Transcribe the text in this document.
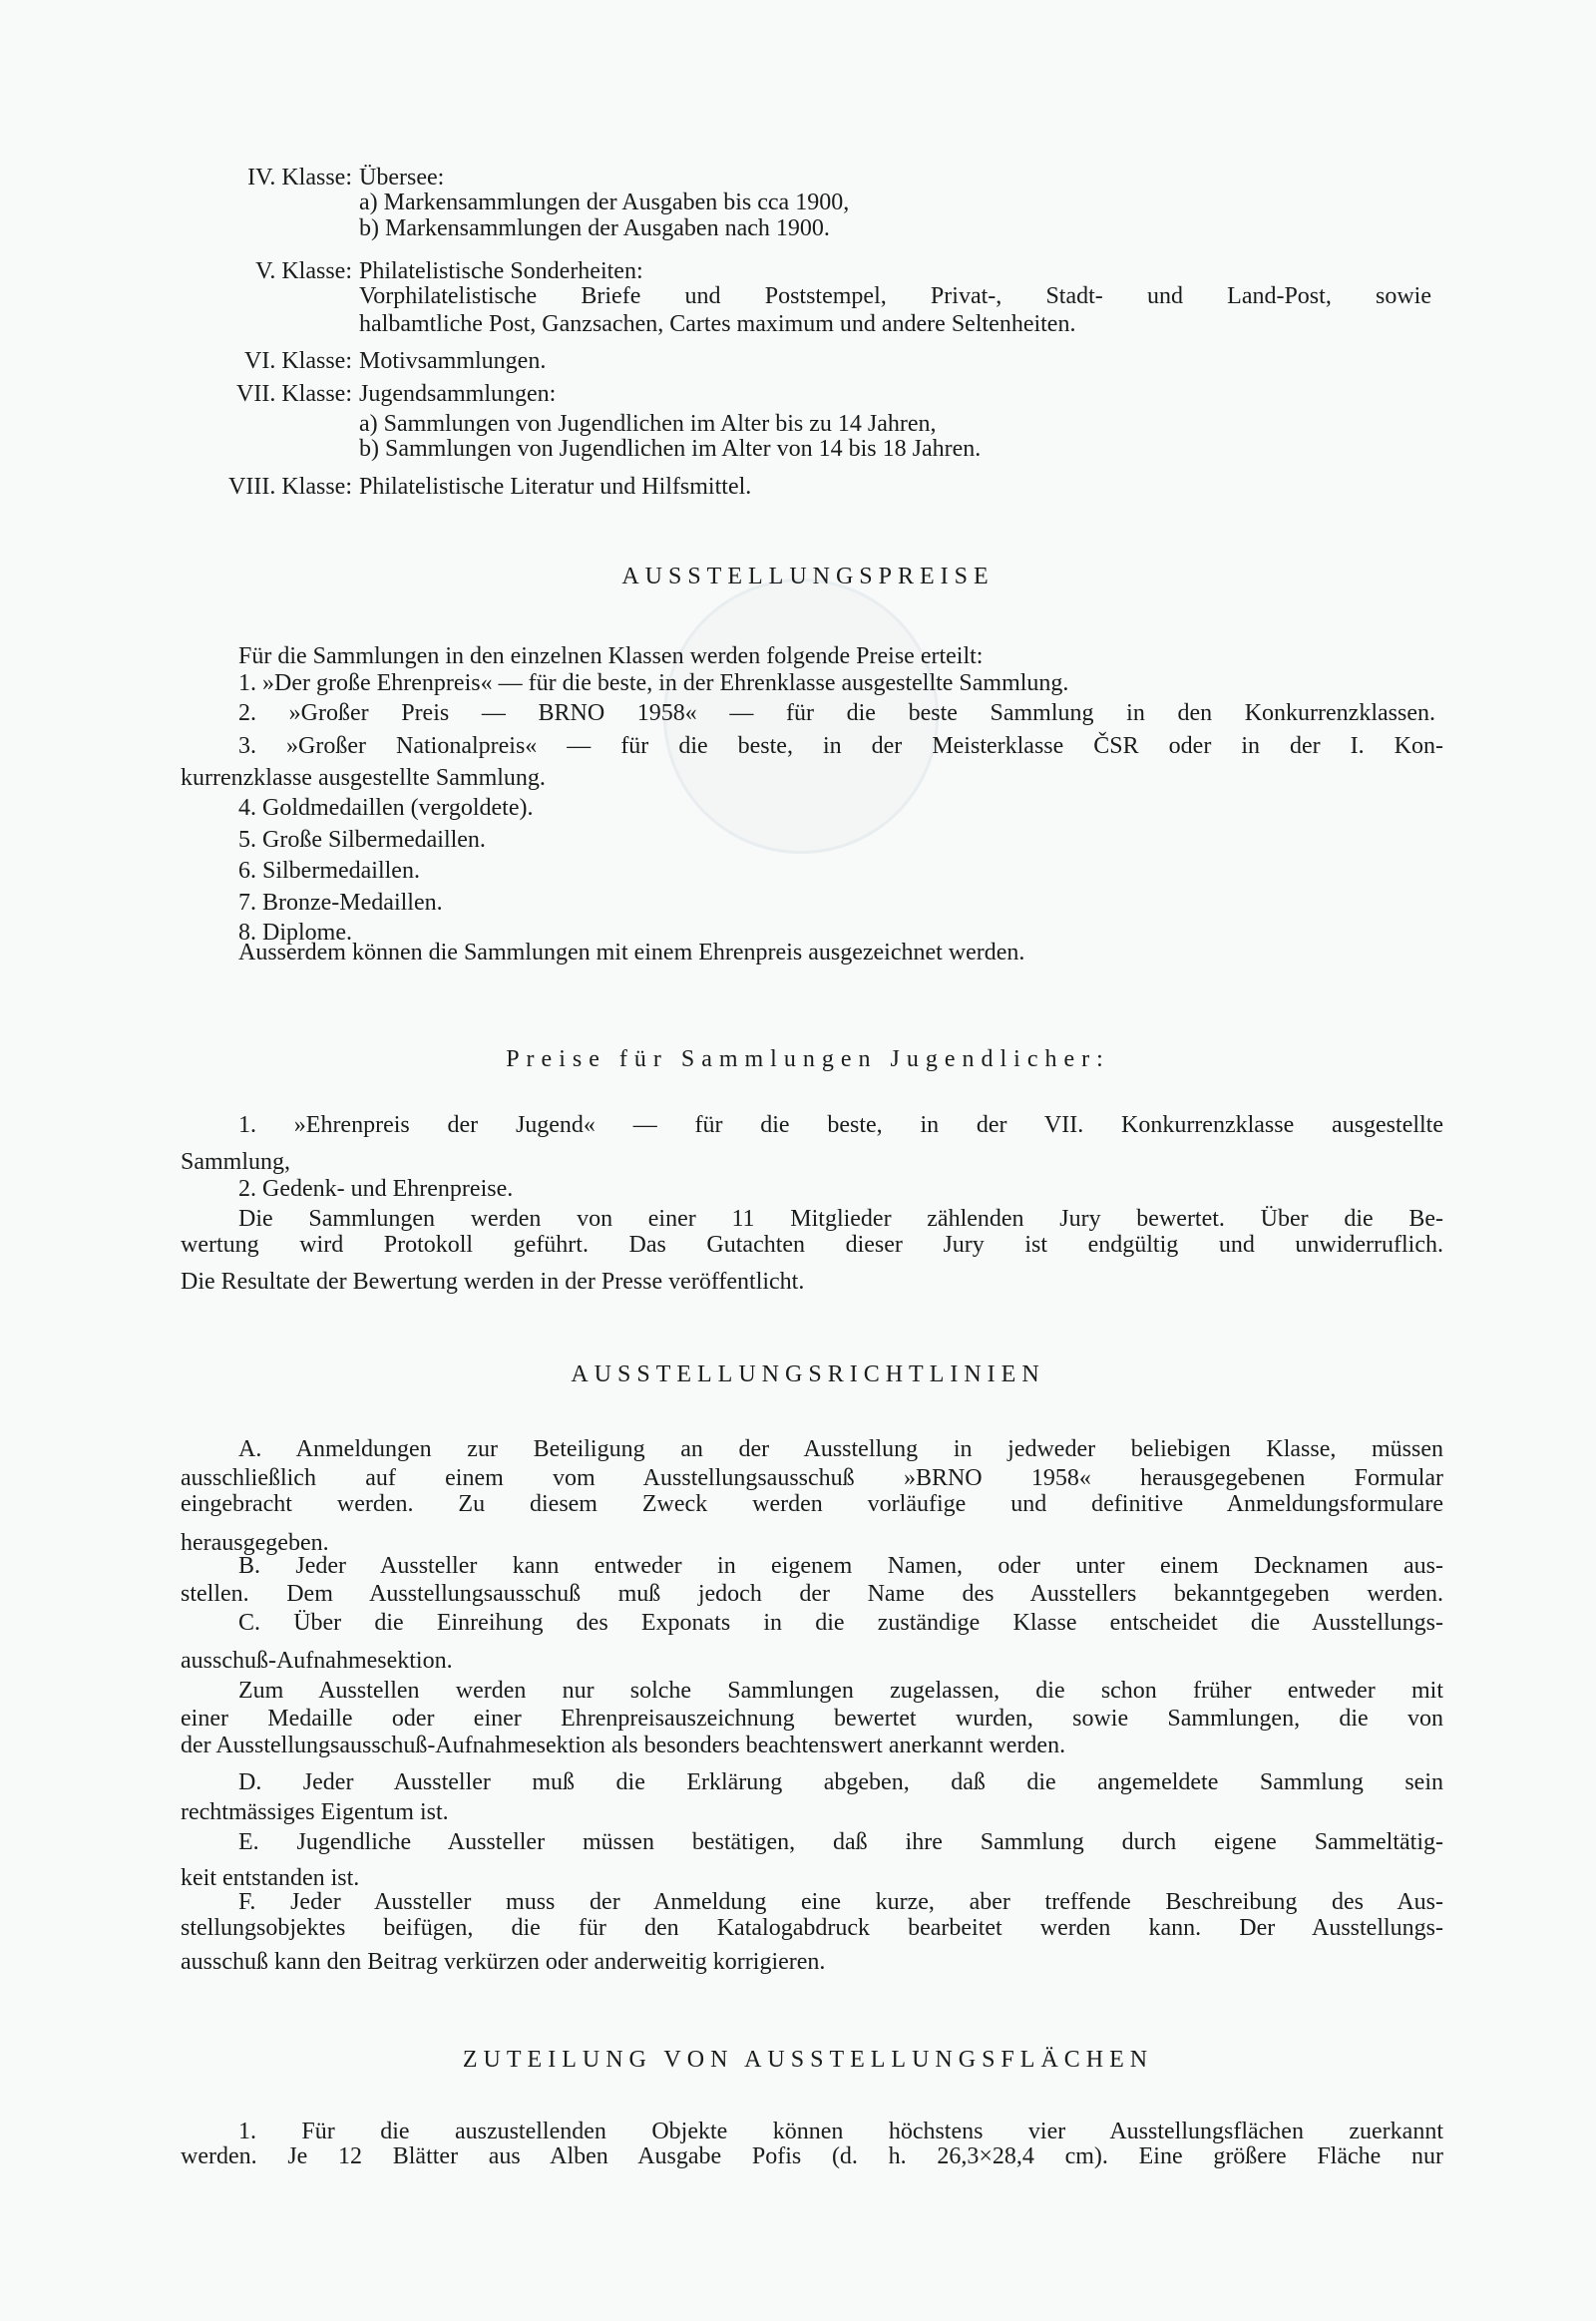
IV. Klasse: Übersee:
a) Markensammlungen der Ausgaben bis cca 1900,
b) Markensammlungen der Ausgaben nach 1900.
V. Klasse: Philatelistische Sonderheiten:
Vorphilatelistische Briefe und Poststempel, Privat-, Stadt- und Land-Post, sowie
halbamtliche Post, Ganzsachen, Cartes maximum und andere Seltenheiten.
VI. Klasse: Motivsammlungen.
VII. Klasse: Jugendsammlungen:
a) Sammlungen von Jugendlichen im Alter bis zu 14 Jahren,
b) Sammlungen von Jugendlichen im Alter von 14 bis 18 Jahren.
VIII. Klasse: Philatelistische Literatur und Hilfsmittel.
AUSSTELLUNGSPREISE
Für die Sammlungen in den einzelnen Klassen werden folgende Preise erteilt:
1. »Der große Ehrenpreis« — für die beste, in der Ehrenklasse ausgestellte Sammlung.
2. »Großer Preis — BRNO 1958« — für die beste Sammlung in den Konkurrenzklassen.
3. »Großer Nationalpreis« — für die beste, in der Meisterklasse ČSR oder in der I. Kon-
kurrenzklasse ausgestellte Sammlung.
4. Goldmedaillen (vergoldete).
5. Große Silbermedaillen.
6. Silbermedaillen.
7. Bronze-Medaillen.
8. Diplome.
Ausserdem können die Sammlungen mit einem Ehrenpreis ausgezeichnet werden.
Preise für Sammlungen Jugendlicher:
1. »Ehrenpreis der Jugend« — für die beste, in der VII. Konkurrenzklasse ausgestellte
Sammlung,
2. Gedenk- und Ehrenpreise.
Die Sammlungen werden von einer 11 Mitglieder zählenden Jury bewertet. Über die Be-
wertung wird Protokoll geführt. Das Gutachten dieser Jury ist endgültig und unwiderruflich.
Die Resultate der Bewertung werden in der Presse veröffentlicht.
AUSSTELLUNGSRICHTLINIEN
A. Anmeldungen zur Beteiligung an der Ausstellung in jedweder beliebigen Klasse, müssen
ausschließlich auf einem vom Ausstellungsausschuß »BRNO 1958« herausgegebenen Formular
eingebracht werden. Zu diesem Zweck werden vorläufige und definitive Anmeldungsformulare
herausgegeben.
B. Jeder Aussteller kann entweder in eigenem Namen, oder unter einem Decknamen aus-
stellen. Dem Ausstellungsausschuß muß jedoch der Name des Ausstellers bekanntgegeben werden.
C. Über die Einreihung des Exponats in die zuständige Klasse entscheidet die Ausstellungs-
ausschuß-Aufnahmesektion.
Zum Ausstellen werden nur solche Sammlungen zugelassen, die schon früher entweder mit
einer Medaille oder einer Ehrenpreisauszeichnung bewertet wurden, sowie Sammlungen, die von
der Ausstellungsausschuß-Aufnahmesektion als besonders beachtenswert anerkannt werden.
D. Jeder Aussteller muß die Erklärung abgeben, daß die angemeldete Sammlung sein
rechtmässiges Eigentum ist.
E. Jugendliche Aussteller müssen bestätigen, daß ihre Sammlung durch eigene Sammeltätig-
keit entstanden ist.
F. Jeder Aussteller muss der Anmeldung eine kurze, aber treffende Beschreibung des Aus-
stellungsobjektes beifügen, die für den Katalogabdruck bearbeitet werden kann. Der Ausstellungs-
ausschuß kann den Beitrag verkürzen oder anderweitig korrigieren.
ZUTEILUNG VON AUSSTELLUNGSFLÄCHEN
1. Für die auszustellenden Objekte können höchstens vier Ausstellungsflächen zuerkannt
werden. Je 12 Blätter aus Alben Ausgabe Pofis (d. h. 26,3×28,4 cm). Eine größere Fläche nur
